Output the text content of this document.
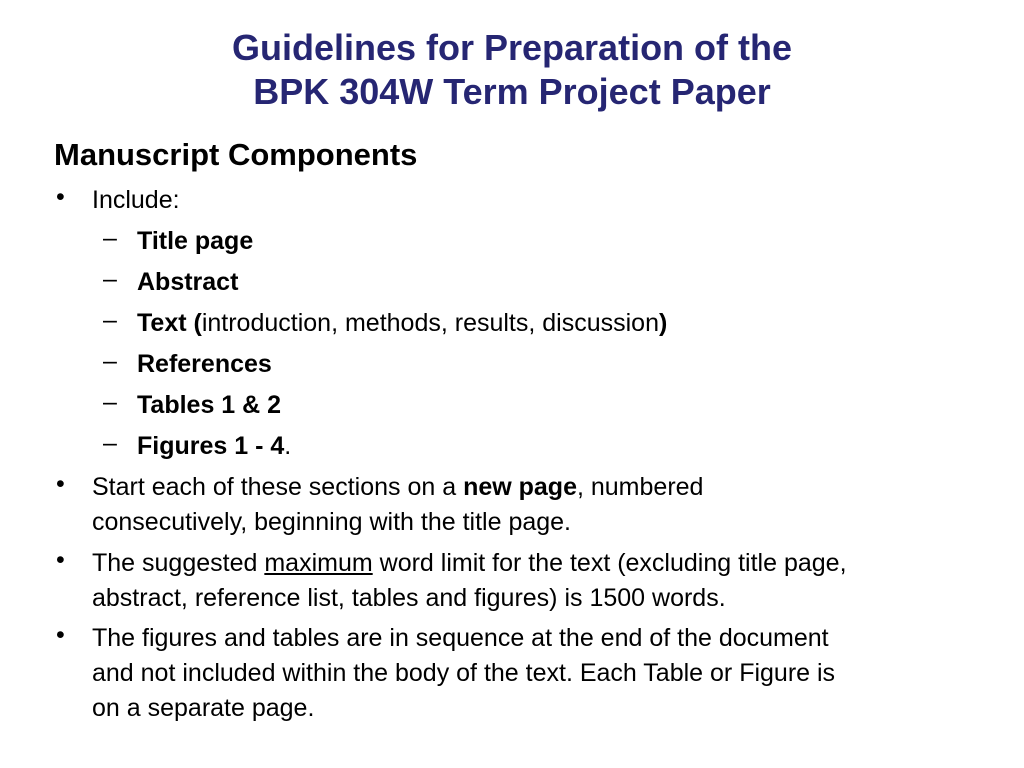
Guidelines for Preparation of the
BPK 304W Term Project Paper
Manuscript Components
•	Include:
– Title page
– Abstract
– Text (introduction, methods, results, discussion)
– References
– Tables 1 & 2
– Figures 1 - 4.
•	Start each of these sections on a new page, numbered
consecutively, beginning with the title page.
•	The suggested maximum word limit for the text (excluding title page,
abstract, reference list, tables and figures) is 1500 words.
•	The figures and tables are in sequence at the end of the document
and not included within the body of the text. Each Table or Figure is
on a separate page.
